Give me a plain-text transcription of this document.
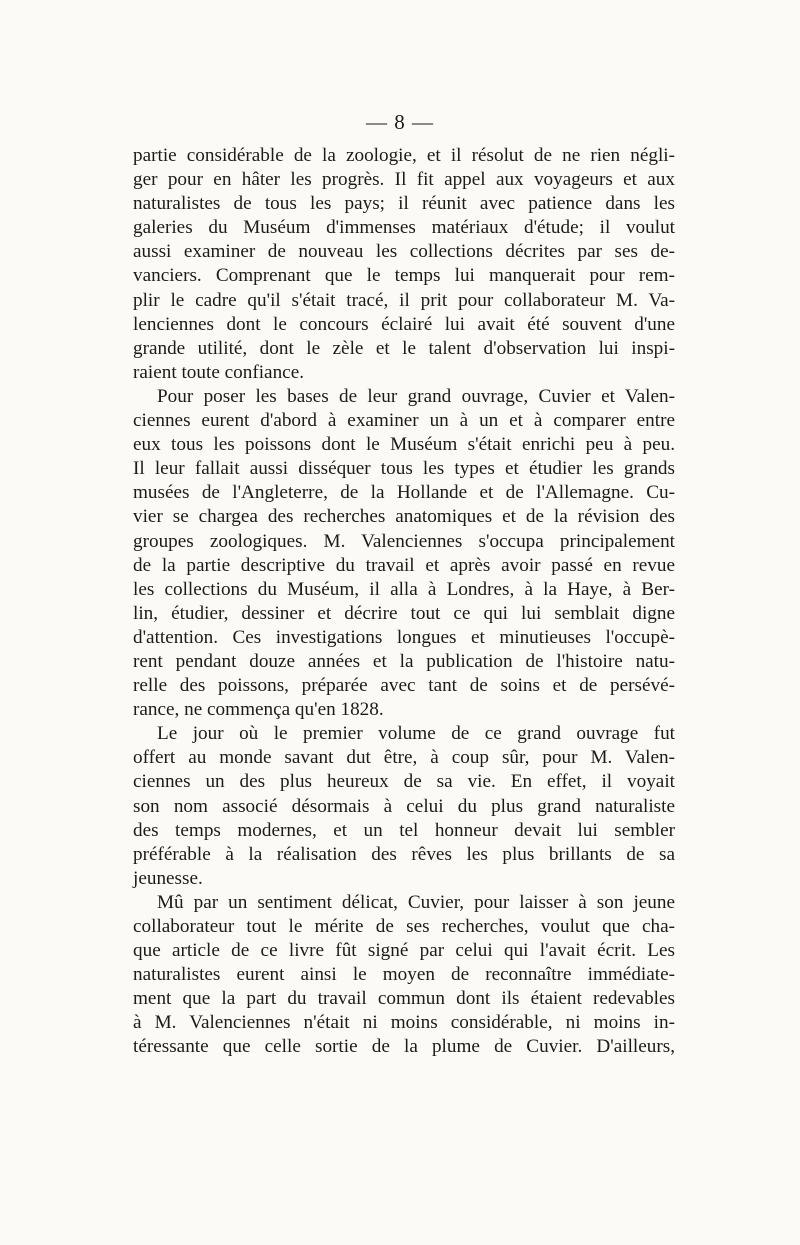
— 8 —
partie considérable de la zoologie, et il résolut de ne rien négli-
ger pour en hâter les progrès. Il fit appel aux voyageurs et aux
naturalistes de tous les pays; il réunit avec patience dans les
galeries du Muséum d'immenses matériaux d'étude; il voulut
aussi examiner de nouveau les collections décrites par ses de-
vanciers. Comprenant que le temps lui manquerait pour rem-
plir le cadre qu'il s'était tracé, il prit pour collaborateur M. Va-
lenciennes dont le concours éclairé lui avait été souvent d'une
grande utilité, dont le zèle et le talent d'observation lui inspi-
raient toute confiance.
Pour poser les bases de leur grand ouvrage, Cuvier et Valen-
ciennes eurent d'abord à examiner un à un et à comparer entre
eux tous les poissons dont le Muséum s'était enrichi peu à peu.
Il leur fallait aussi disséquer tous les types et étudier les grands
musées de l'Angleterre, de la Hollande et de l'Allemagne. Cu-
vier se chargea des recherches anatomiques et de la révision des
groupes zoologiques. M. Valenciennes s'occupa principalement
de la partie descriptive du travail et après avoir passé en revue
les collections du Muséum, il alla à Londres, à la Haye, à Ber-
lin, étudier, dessiner et décrire tout ce qui lui semblait digne
d'attention. Ces investigations longues et minutieuses l'occupè-
rent pendant douze années et la publication de l'histoire natu-
relle des poissons, préparée avec tant de soins et de persévé-
rance, ne commença qu'en 1828.
Le jour où le premier volume de ce grand ouvrage fut
offert au monde savant dut être, à coup sûr, pour M. Valen-
ciennes un des plus heureux de sa vie. En effet, il voyait
son nom associé désormais à celui du plus grand naturaliste
des temps modernes, et un tel honneur devait lui sembler
préférable à la réalisation des rêves les plus brillants de sa
jeunesse.
Mû par un sentiment délicat, Cuvier, pour laisser à son jeune
collaborateur tout le mérite de ses recherches, voulut que cha-
que article de ce livre fût signé par celui qui l'avait écrit. Les
naturalistes eurent ainsi le moyen de reconnaître immédiate-
ment que la part du travail commun dont ils étaient redevables
à M. Valenciennes n'était ni moins considérable, ni moins in-
téressante que celle sortie de la plume de Cuvier. D'ailleurs,
